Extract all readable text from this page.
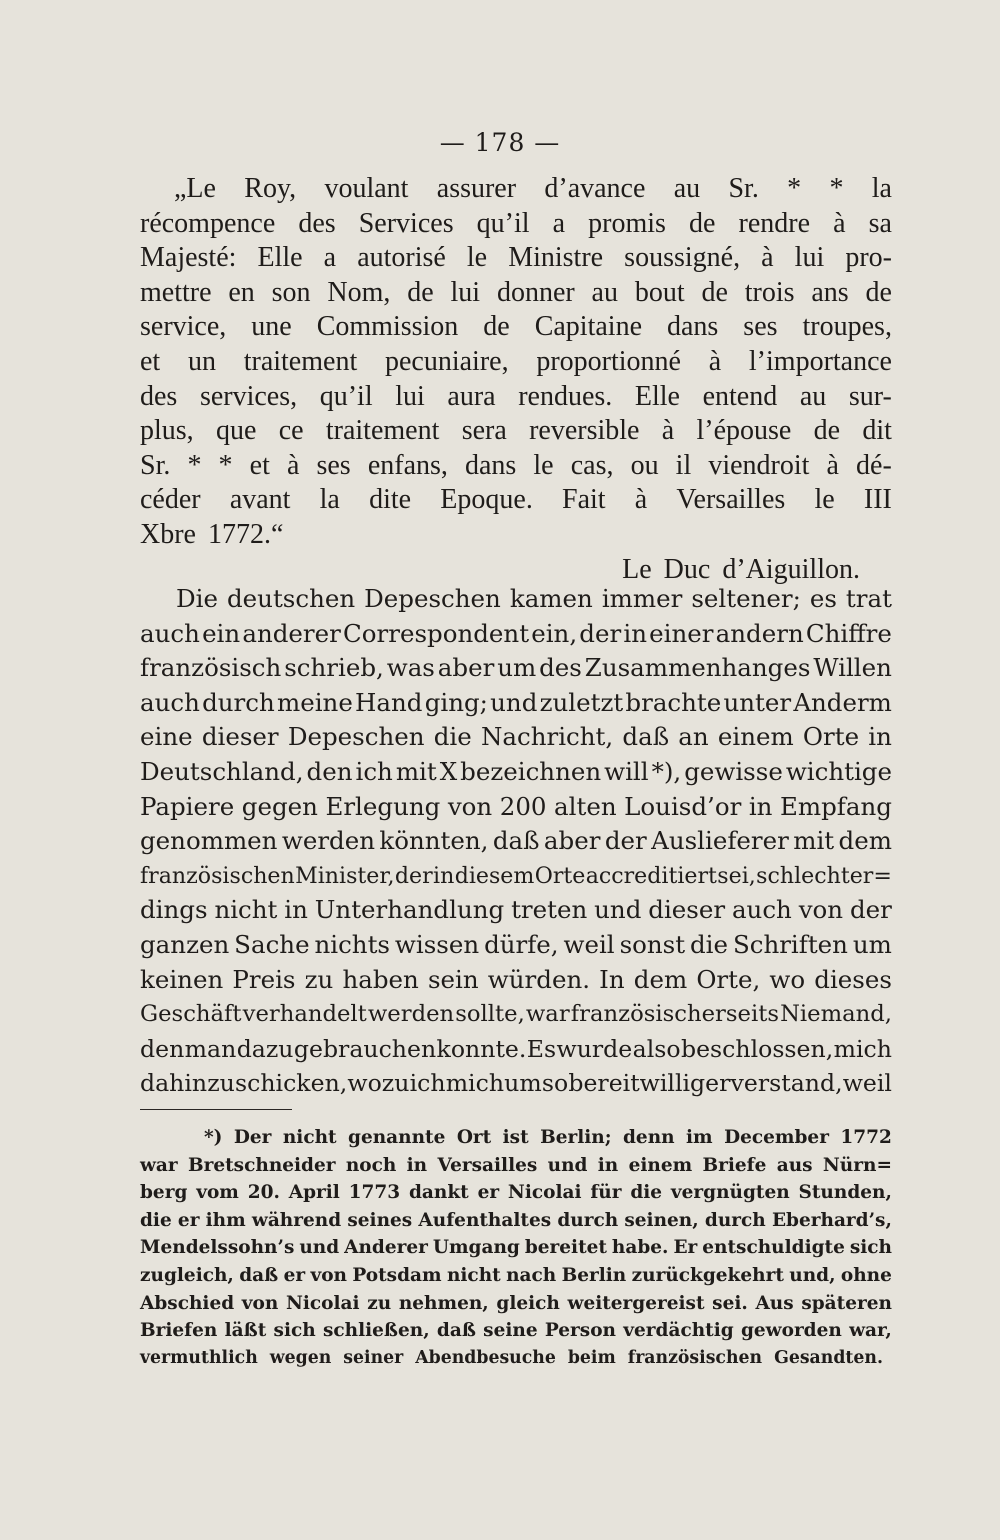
— 178 —
„Le Roy, voulant assurer d’avance au Sr. * * la
récompence des Services qu’il a promis de rendre à sa
Majesté: Elle a autorisé le Ministre soussigné, à lui pro-
mettre en son Nom, de lui donner au bout de trois ans de
service, une Commission de Capitaine dans ses troupes,
et un traitement pecuniaire, proportionné à l’importance
des services, qu’il lui aura rendues. Elle entend au sur-
plus, que ce traitement sera reversible à l’épouse de dit
Sr. * * et à ses enfans, dans le cas, ou il viendroit à dé-
céder avant la dite Epoque. Fait à Versailles le III
Xbre 1772.“
Le Duc d’Aiguillon.
Die deutschen Depeschen kamen immer seltener; es trat
auch ein anderer Correspondent ein, der in einer andern Chiffre
französisch schrieb, was aber um des Zusammenhanges Willen
auch durch meine Hand ging; und zuletzt brachte unter Anderm
eine dieser Depeschen die Nachricht, daß an einem Orte in
Deutschland, den ich mit X bezeichnen will *), gewisse wichtige
Papiere gegen Erlegung von 200 alten Louisd’or in Empfang
genommen werden könnten, daß aber der Auslieferer mit dem
französischen Minister, der in diesem Orte accreditiert sei, schlechter=
dings nicht in Unterhandlung treten und dieser auch von der
ganzen Sache nichts wissen dürfe, weil sonst die Schriften um
keinen Preis zu haben sein würden. In dem Orte, wo dieses
Geschäft verhandelt werden sollte, war französischerseits Niemand,
den man dazu gebrauchen konnte. Es wurde also beschlossen, mich
dahin zu schicken, wozu ich mich um so bereitwilliger verstand, weil
*) Der nicht genannte Ort ist Berlin; denn im December 1772
war Bretschneider noch in Versailles und in einem Briefe aus Nürn=
berg vom 20. April 1773 dankt er Nicolai für die vergnügten Stunden,
die er ihm während seines Aufenthaltes durch seinen, durch Eberhard’s,
Mendelssohn’s und Anderer Umgang bereitet habe. Er entschuldigte sich
zugleich, daß er von Potsdam nicht nach Berlin zurückgekehrt und, ohne
Abschied von Nicolai zu nehmen, gleich weitergereist sei. Aus späteren
Briefen läßt sich schließen, daß seine Person verdächtig geworden war,
vermuthlich wegen seiner Abendbesuche beim französischen Gesandten.
